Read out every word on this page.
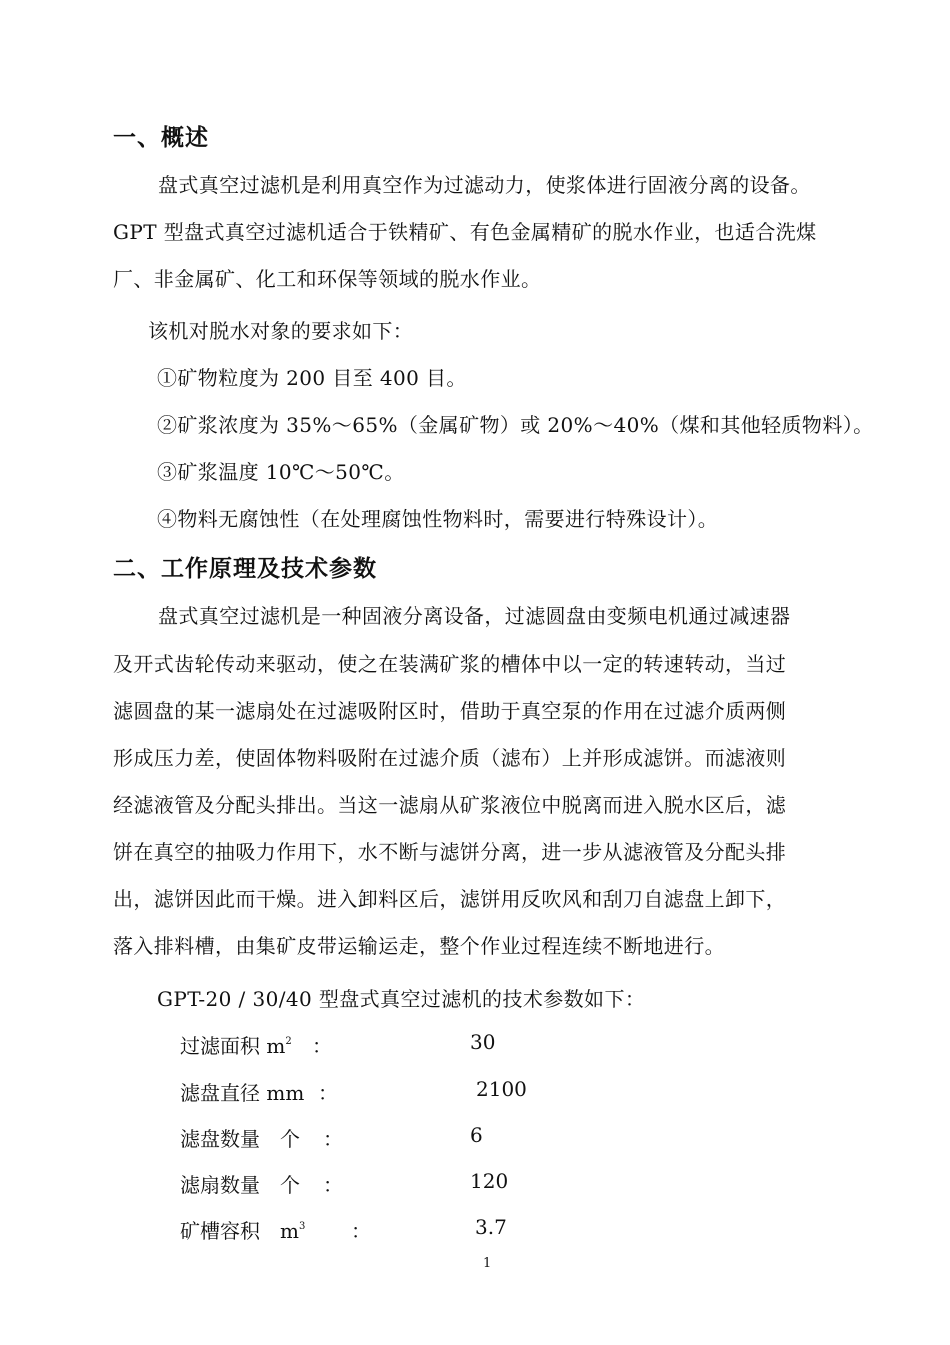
一、概述
盘式真空过滤机是利用真空作为过滤动力，使浆体进行固液分离的设备。
GPT 型盘式真空过滤机适合于铁精矿、有色金属精矿的脱水作业，也适合洗煤
厂、非金属矿、化工和环保等领域的脱水作业。
该机对脱水对象的要求如下：
①矿物粒度为 200 目至 400 目。
②矿浆浓度为 35%～65%（金属矿物）或 20%～40%（煤和其他轻质物料）。
③矿浆温度 10℃～50℃。
④物料无腐蚀性（在处理腐蚀性物料时，需要进行特殊设计）。
二、工作原理及技术参数
盘式真空过滤机是一种固液分离设备，过滤圆盘由变频电机通过减速器
及开式齿轮传动来驱动，使之在装满矿浆的槽体中以一定的转速转动，当过
滤圆盘的某一滤扇处在过滤吸附区时，借助于真空泵的作用在过滤介质两侧
形成压力差，使固体物料吸附在过滤介质（滤布）上并形成滤饼。而滤液则
经滤液管及分配头排出。当这一滤扇从矿浆液位中脱离而进入脱水区后，滤
饼在真空的抽吸力作用下，水不断与滤饼分离，进一步从滤液管及分配头排
出，滤饼因此而干燥。进入卸料区后，滤饼用反吹风和刮刀自滤盘上卸下，
落入排料槽，由集矿皮带运输运走，整个作业过程连续不断地进行。
GPT-20 / 30/40 型盘式真空过滤机的技术参数如下：
过滤面积 $m^2$ ：	30
滤盘直径 mm ：	2100
滤盘数量　个 ：	6
滤扇数量　个 ：	120
矿槽容积　$m^3$ ：	3.7
1
